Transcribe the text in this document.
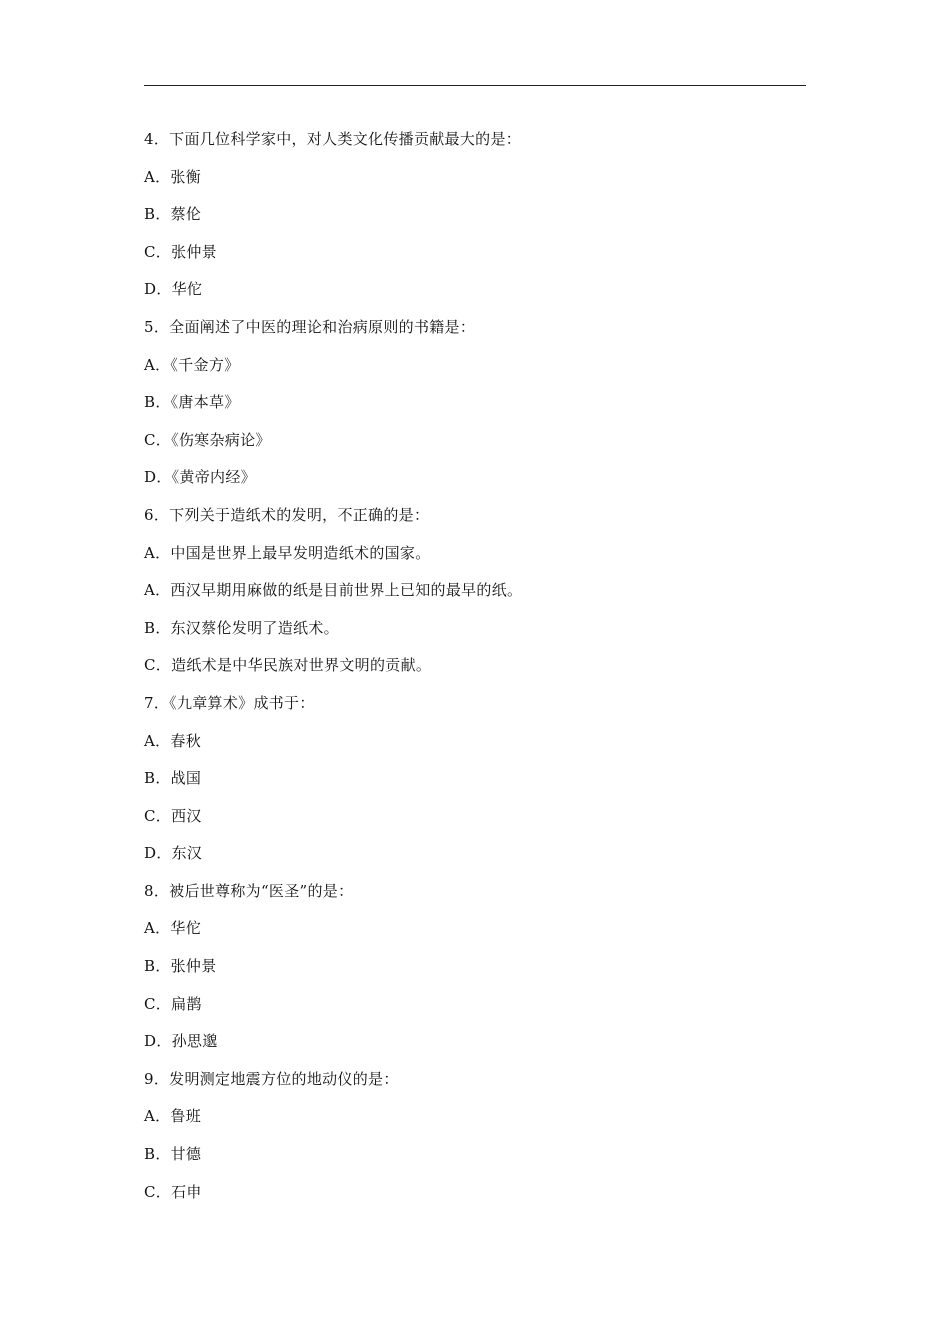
4．下面几位科学家中，对人类文化传播贡献最大的是：
A．张衡
B．蔡伦
C．张仲景
D．华佗
5．全面阐述了中医的理论和治病原则的书籍是：
A．《千金方》
B．《唐本草》
C．《伤寒杂病论》
D．《黄帝内经》
6．下列关于造纸术的发明，不正确的是：
A．中国是世界上最早发明造纸术的国家。
A．西汉早期用麻做的纸是目前世界上已知的最早的纸。
B．东汉蔡伦发明了造纸术。
C．造纸术是中华民族对世界文明的贡献。
7．《九章算术》成书于：
A．春秋
B．战国
C．西汉
D．东汉
8．被后世尊称为“医圣”的是：
A．华佗
B．张仲景
C．扁鹊
D．孙思邈
9．发明测定地震方位的地动仪的是：
A．鲁班
B．甘德
C．石申
